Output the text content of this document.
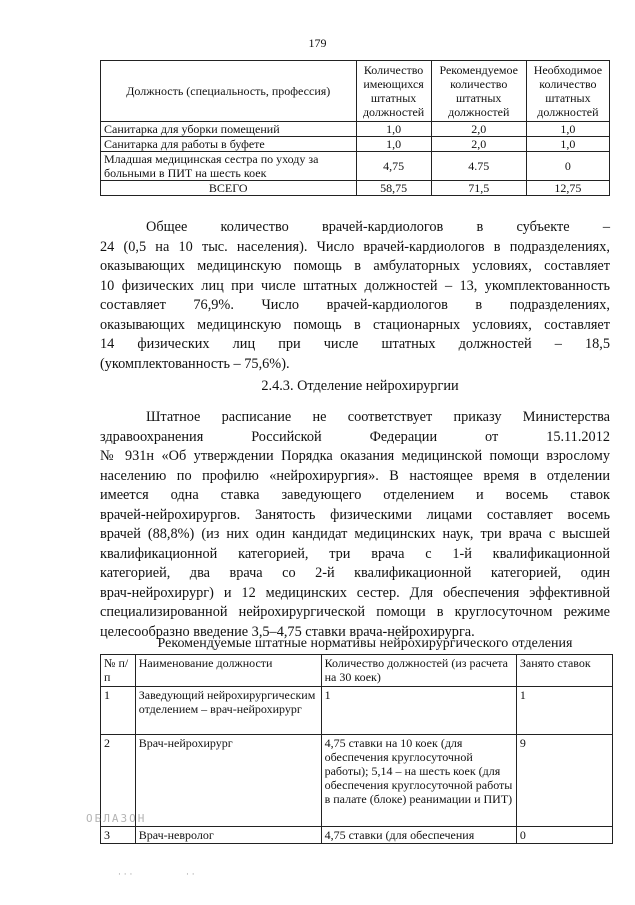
179
Должность (специальность, профессия)	Количество имеющихся штатных должностей	Рекомендуемое количество штатных должностей	Необходимое количество штатных должностей
Санитарка для уборки помещений	1,0	2,0	1,0
Санитарка для работы в буфете	1,0	2,0	1,0
Младшая медицинская сестра по уходу за больными в ПИТ на шесть коек	4,75	4.75	0
ВСЕГО	58,75	71,5	12,75
Общее количество врачей-кардиологов в субъекте –
24 (0,5 на 10 тыс. населения). Число врачей-кардиологов в подразделениях,
оказывающих медицинскую помощь в амбулаторных условиях, составляет
10 физических лиц при числе штатных должностей – 13, укомплектованность
составляет 76,9%. Число врачей-кардиологов в подразделениях,
оказывающих медицинскую помощь в стационарных условиях, составляет
14 физических лиц при числе штатных должностей – 18,5
(укомплектованность – 75,6%).
2.4.3. Отделение нейрохирургии
Штатное расписание не соответствует приказу Министерства
здравоохранения Российской Федерации от 15.11.2012
№ 931н «Об утверждении Порядка оказания медицинской помощи взрослому
населению по профилю «нейрохирургия». В настоящее время в отделении
имеется одна ставка заведующего отделением и восемь ставок
врачей-нейрохирургов. Занятость физическими лицами составляет восемь
врачей (88,8%) (из них один кандидат медицинских наук, три врача с высшей
квалификационной категорией, три врача с 1-й квалификационной
категорией, два врача со 2-й квалификационной категорией, один
врач-нейрохирург) и 12 медицинских сестер. Для обеспечения эффективной
специализированной нейрохирургической помощи в круглосуточном режиме
целесообразно введение 3,5–4,75 ставки врача-нейрохирурга.
Рекомендуемые штатные нормативы нейрохирургического отделения
№ п/п	Наименование должности	Количество должностей (из расчета на 30 коек)	Занято ставок
1	Заведующий нейрохирургическим отделением – врач-нейрохирург	1	1
2	Врач-нейрохирург	4,75 ставки на 10 коек (для обеспечения круглосуточной работы); 5,14 – на шесть коек (для обеспечения круглосуточной работы в палате (блоке) реанимации и ПИТ)	9
3	Врач-невролог	4,75 ставки (для обеспечения	0
ОБЛАЗОН
· · ·	· ·
